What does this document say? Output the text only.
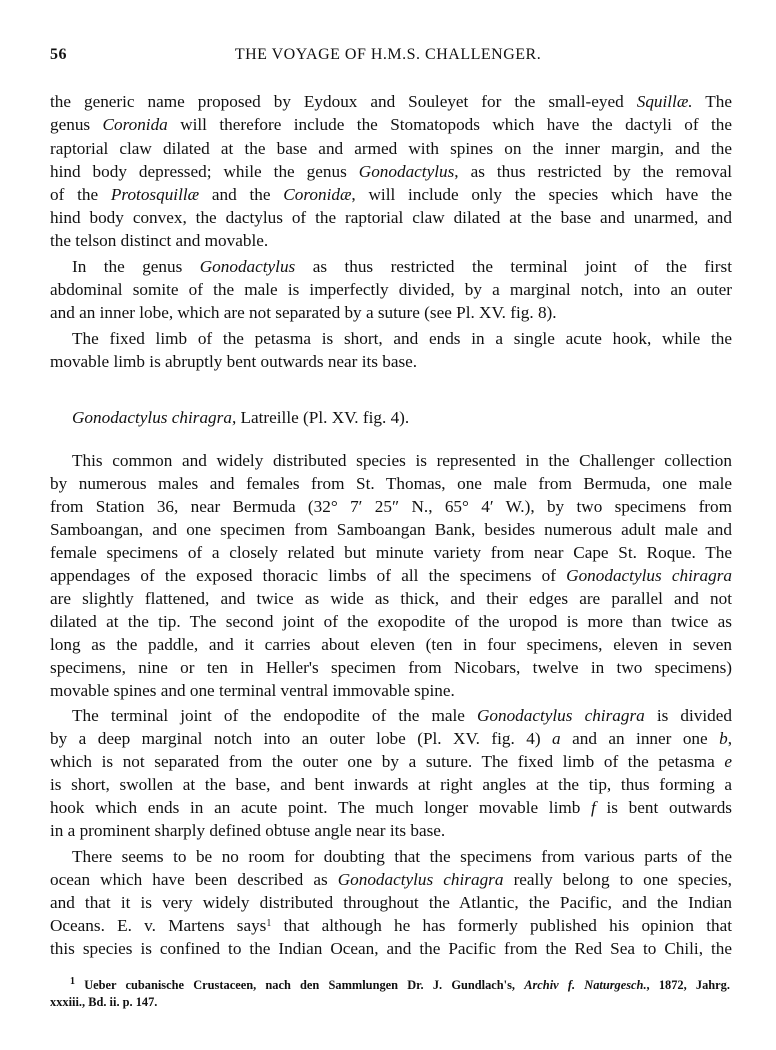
56	THE VOYAGE OF H.M.S. CHALLENGER.
the generic name proposed by Eydoux and Souleyet for the small-eyed Squillæ. The
genus Coronida will therefore include the Stomatopods which have the dactyli of the
raptorial claw dilated at the base and armed with spines on the inner margin, and the
hind body depressed; while the genus Gonodactylus, as thus restricted by the removal
of the Protosquillæ and the Coronidæ, will include only the species which have the
hind body convex, the dactylus of the raptorial claw dilated at the base and unarmed, and
the telson distinct and movable.
In the genus Gonodactylus as thus restricted the terminal joint of the first
abdominal somite of the male is imperfectly divided, by a marginal notch, into an outer
and an inner lobe, which are not separated by a suture (see Pl. XV. fig. 8).
The fixed limb of the petasma is short, and ends in a single acute hook, while the
movable limb is abruptly bent outwards near its base.
Gonodactylus chiragra, Latreille (Pl. XV. fig. 4).
This common and widely distributed species is represented in the Challenger collection
by numerous males and females from St. Thomas, one male from Bermuda, one male
from Station 36, near Bermuda (32° 7′ 25″ N., 65° 4′ W.), by two specimens from
Samboangan, and one specimen from Samboangan Bank, besides numerous adult male and
female specimens of a closely related but minute variety from near Cape St. Roque. The
appendages of the exposed thoracic limbs of all the specimens of Gonodactylus chiragra
are slightly flattened, and twice as wide as thick, and their edges are parallel and not
dilated at the tip. The second joint of the exopodite of the uropod is more than twice as
long as the paddle, and it carries about eleven (ten in four specimens, eleven in seven
specimens, nine or ten in Heller's specimen from Nicobars, twelve in two specimens)
movable spines and one terminal ventral immovable spine.
The terminal joint of the endopodite of the male Gonodactylus chiragra is divided
by a deep marginal notch into an outer lobe (Pl. XV. fig. 4) a and an inner one b,
which is not separated from the outer one by a suture. The fixed limb of the petasma e
is short, swollen at the base, and bent inwards at right angles at the tip, thus forming a
hook which ends in an acute point. The much longer movable limb f is bent outwards
in a prominent sharply defined obtuse angle near its base.
There seems to be no room for doubting that the specimens from various parts of the
ocean which have been described as Gonodactylus chiragra really belong to one species,
and that it is very widely distributed throughout the Atlantic, the Pacific, and the Indian
Oceans. E. v. Martens says$^1$ that although he has formerly published his opinion that
this species is confined to the Indian Ocean, and the Pacific from the Red Sea to Chili, the
$^1$ Ueber cubanische Crustaceen, nach den Sammlungen Dr. J. Gundlach's, Archiv f. Naturgesch., 1872, Jahrg.
xxxiii., Bd. ii. p. 147.
